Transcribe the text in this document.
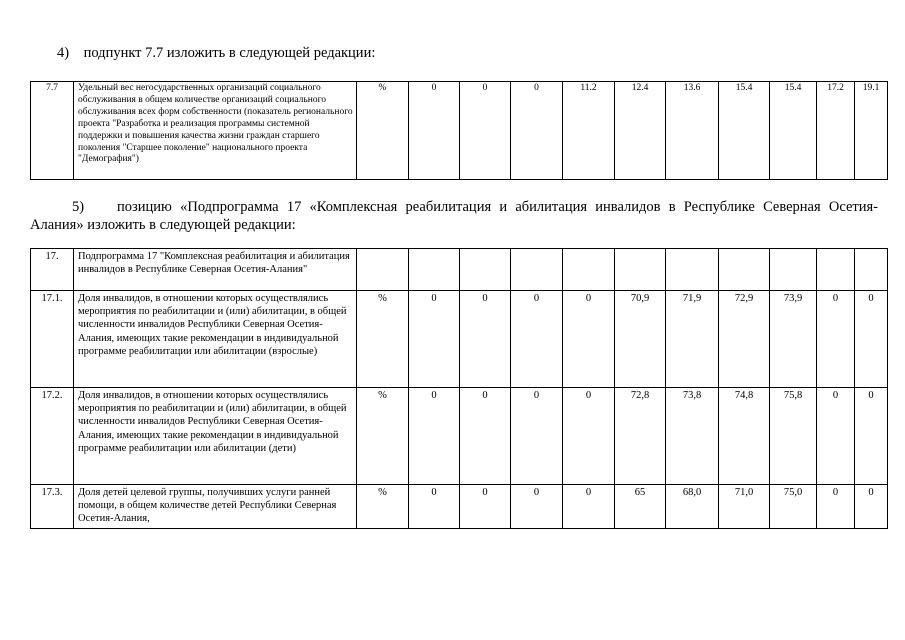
4) подпункт 7.7 изложить в следующей редакции:
7.7	Удельный вес негосударственных организаций социального обслуживания в общем количестве организаций социального обслуживания всех форм собственности (показатель регионального проекта "Разработка и реализация программы системной поддержки и повышения качества жизни граждан старшего поколения "Старшее поколение" национального проекта "Демография")	%	0	0	0	11.2	12.4	13.6	15.4	15.4	17.2	19.1
5) позицию «Подпрограмма 17 «Комплексная реабилитация и абилитация инвалидов в Республике Северная Осетия-
Алания» изложить в следующей редакции:
17.	Подпрограмма 17 "Комплексная реабилитация и абилитация инвалидов в Республике Северная Осетия-Алания"											
17.1.	Доля инвалидов, в отношении которых осуществлялись мероприятия по реабилитации и (или) абилитации, в общей численности инвалидов Республики Северная Осетия-Алания, имеющих такие рекомендации в индивидуальной программе реабилитации или абилитации (взрослые)	%	0	0	0	0	70,9	71,9	72,9	73,9	0	0
17.2.	Доля инвалидов, в отношении которых осуществлялись мероприятия по реабилитации и (или) абилитации, в общей численности инвалидов Республики Северная Осетия-Алания, имеющих такие рекомендации в индивидуальной программе реабилитации или абилитации (дети)	%	0	0	0	0	72,8	73,8	74,8	75,8	0	0
17.3.	Доля детей целевой группы, получивших услуги ранней помощи, в общем количестве детей Республики Северная Осетия-Алания,	%	0	0	0	0	65	68,0	71,0	75,0	0	0
